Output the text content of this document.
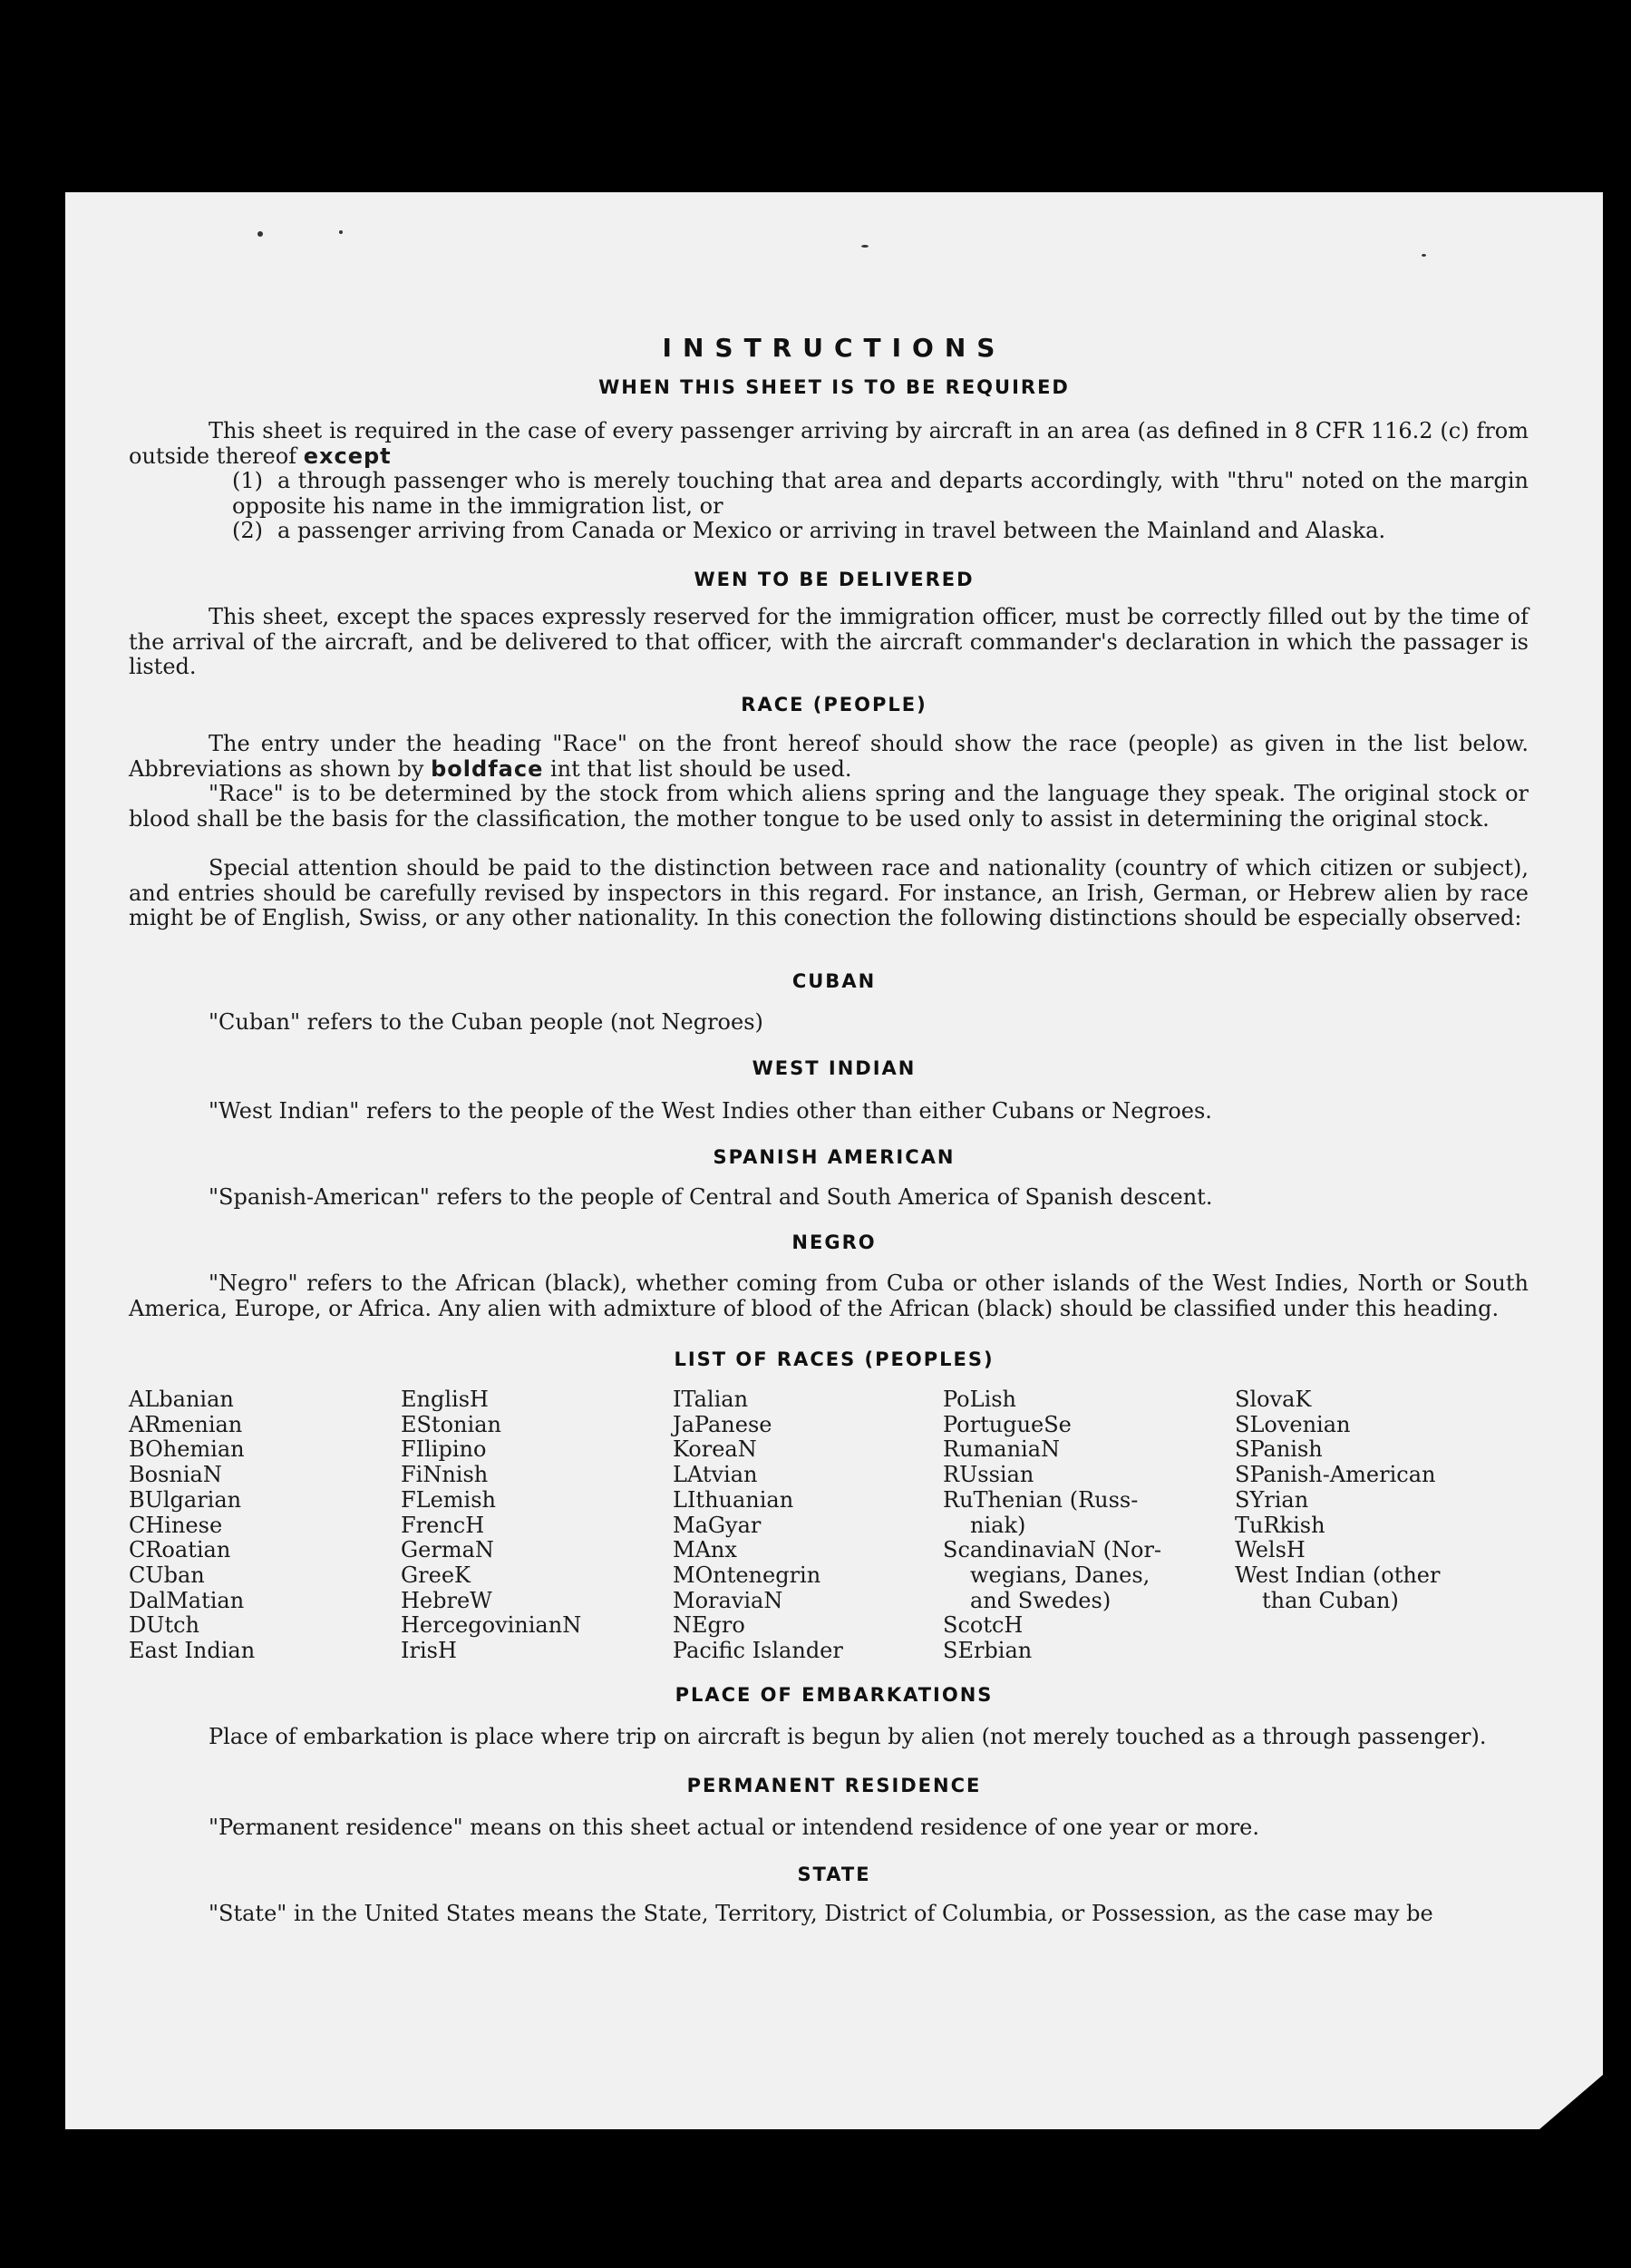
INSTRUCTIONS
WHEN THIS SHEET IS TO BE REQUIRED
This sheet is required in the case of every passenger arriving by aircraft in an area (as defined in 8 CFR 116.2 (c) from outside thereof except
(1) a through passenger who is merely touching that area and departs accordingly, with "thru" noted on the margin opposite his name in the immigration list, or
(2) a passenger arriving from Canada or Mexico or arriving in travel between the Mainland and Alaska.
WEN TO BE DELIVERED
This sheet, except the spaces expressly reserved for the immigration officer, must be correctly filled out by the time of the arrival of the aircraft, and be delivered to that officer, with the aircraft commander's declaration in which the passager is listed.
RACE (PEOPLE)
The entry under the heading "Race" on the front hereof should show the race (people) as given in the list below. Abbreviations as shown by boldface int that list should be used.
"Race" is to be determined by the stock from which aliens spring and the language they speak. The original stock or blood shall be the basis for the classification, the mother tongue to be used only to assist in determining the original stock.
Special attention should be paid to the distinction between race and nationality (country of which citizen or subject), and entries should be carefully revised by inspectors in this regard. For instance, an Irish, German, or Hebrew alien by race might be of English, Swiss, or any other nationality. In this conection the following distinctions should be especially observed:
CUBAN
"Cuban" refers to the Cuban people (not Negroes)
WEST INDIAN
"West Indian" refers to the people of the West Indies other than either Cubans or Negroes.
SPANISH AMERICAN
"Spanish-American" refers to the people of Central and South America of Spanish descent.
NEGRO
"Negro" refers to the African (black), whether coming from Cuba or other islands of the West Indies, North or South America, Europe, or Africa. Any alien with admixture of blood of the African (black) should be classified under this heading.
LIST OF RACES (PEOPLES)
ALbanian
ARmenian
BOhemian
BosniaN
BUlgarian
CHinese
CRoatian
CUban
DalMatian
DUtch
East Indian
EnglisH
EStonian
FIlipino
FiNnish
FLemish
FrencH
GermaN
GreeK
HebreW
HercegovinianN
IrisH
ITalian
JaPanese
KoreaN
LAtvian
LIthuanian
MaGyar
MAnx
MOntenegrin
MoraviaN
NEgro
Pacific Islander
PoLish
PortugueSe
RumaniaN
RUssian
RuThenian (Russ-
niak)
ScandinaviaN (Nor-
wegians, Danes,
and Swedes)
ScotcH
SErbian
SlovaK
SLovenian
SPanish
SPanish-American
SYrian
TuRkish
WelsH
West Indian (other
than Cuban)
PLACE OF EMBARKATIONS
Place of embarkation is place where trip on aircraft is begun by alien (not merely touched as a through passenger).
PERMANENT RESIDENCE
"Permanent residence" means on this sheet actual or intendend residence of one year or more.
STATE
"State" in the United States means the State, Territory, District of Columbia, or Possession, as the case may be
